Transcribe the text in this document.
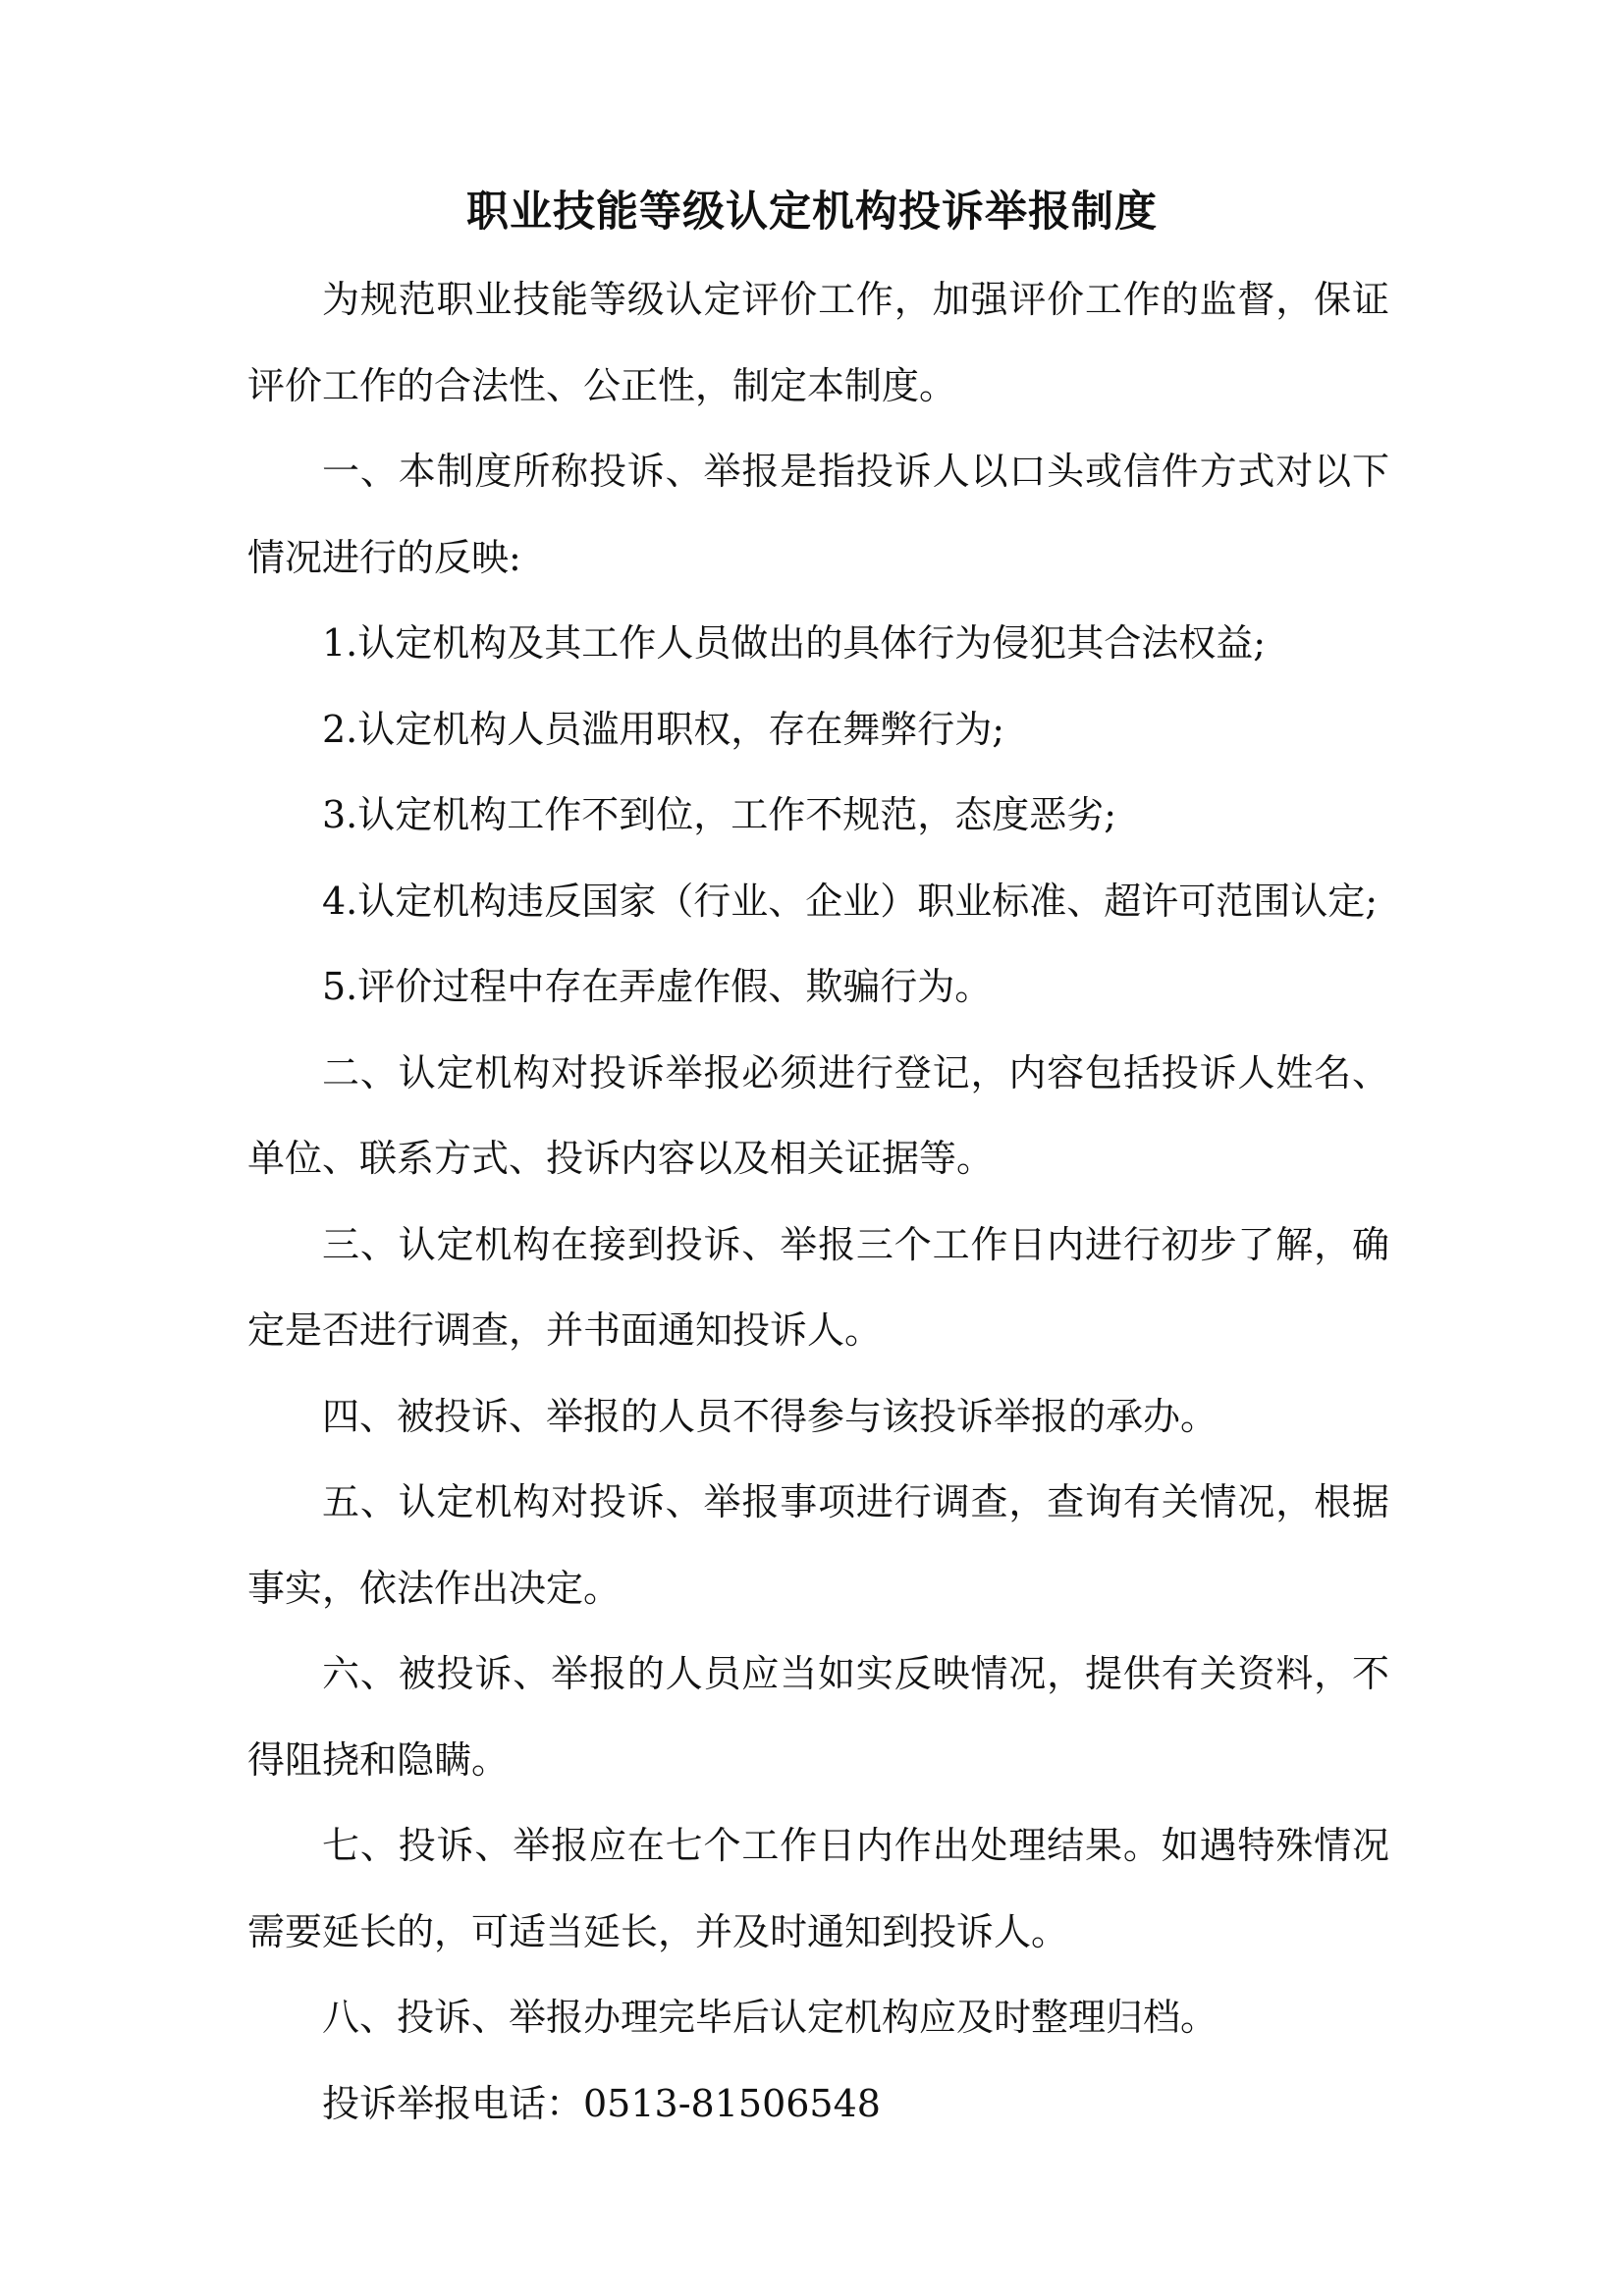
职业技能等级认定机构投诉举报制度

为规范职业技能等级认定评价工作，加强评价工作的监督，保证评价工作的合法性、公正性，制定本制度。

一、本制度所称投诉、举报是指投诉人以口头或信件方式对以下情况进行的反映:

1.认定机构及其工作人员做出的具体行为侵犯其合法权益;

2.认定机构人员滥用职权，存在舞弊行为;

3.认定机构工作不到位，工作不规范，态度恶劣;

4.认定机构违反国家（行业、企业）职业标准、超许可范围认定;

5.评价过程中存在弄虚作假、欺骗行为。

二、认定机构对投诉举报必须进行登记，内容包括投诉人姓名、单位、联系方式、投诉内容以及相关证据等。

三、认定机构在接到投诉、举报三个工作日内进行初步了解，确定是否进行调查，并书面通知投诉人。

四、被投诉、举报的人员不得参与该投诉举报的承办。

五、认定机构对投诉、举报事项进行调查，查询有关情况，根据事实，依法作出决定。

六、被投诉、举报的人员应当如实反映情况，提供有关资料，不得阻挠和隐瞒。

七、投诉、举报应在七个工作日内作出处理结果。如遇特殊情况需要延长的，可适当延长，并及时通知到投诉人。

八、投诉、举报办理完毕后认定机构应及时整理归档。

投诉举报电话：0513-81506548
